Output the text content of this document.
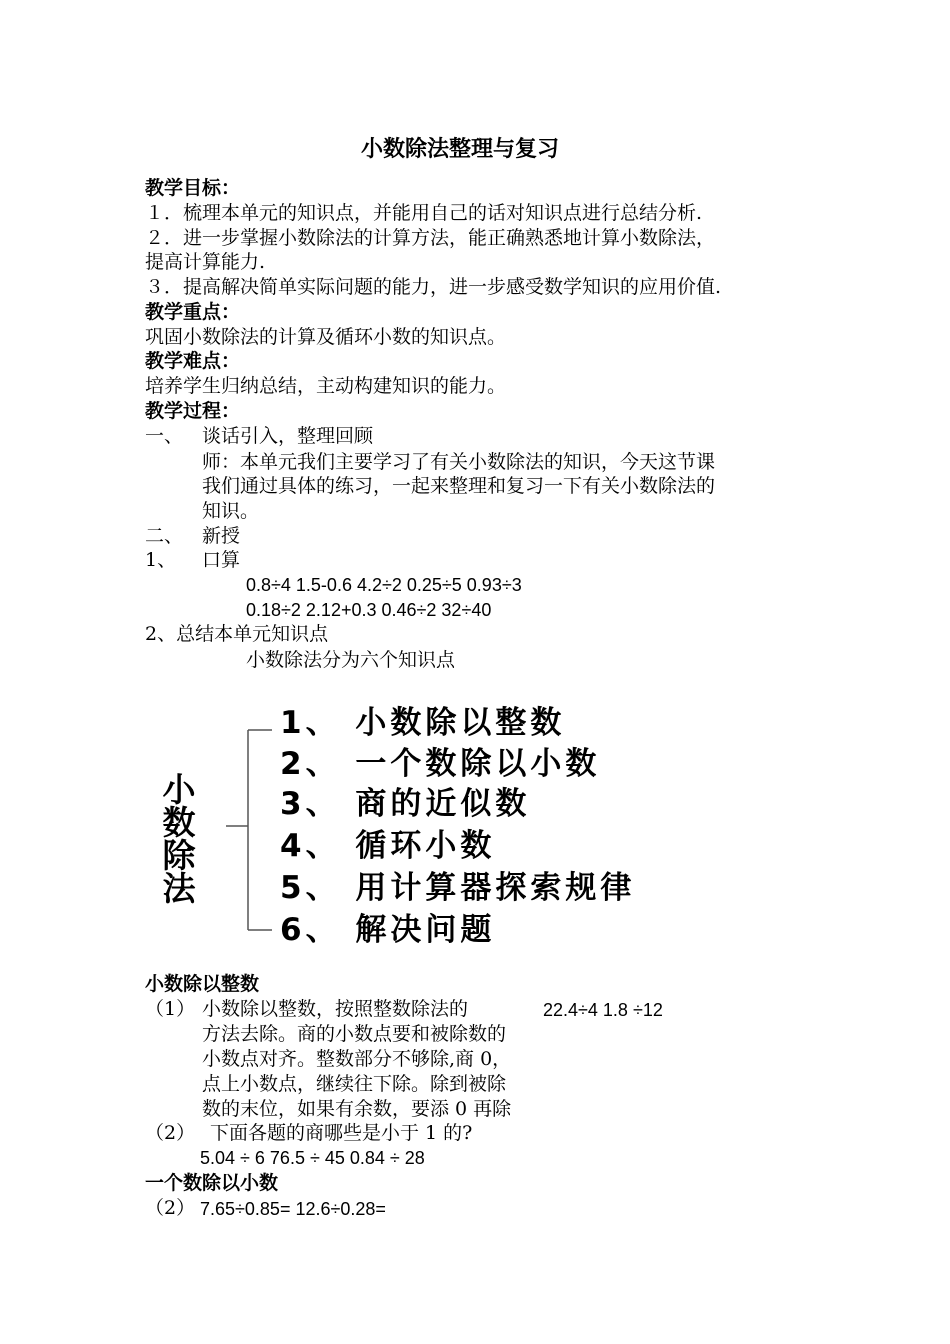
小数除法整理与复习
教学目标：
１．梳理本单元的知识点，并能用自己的话对知识点进行总结分析.
２．进一步掌握小数除法的计算方法，能正确熟悉地计算小数除法，
提高计算能力.
３．提高解决简单实际问题的能力，进一步感受数学知识的应用价值.
教学重点：
巩固小数除法的计算及循环小数的知识点。
教学难点：
培养学生归纳总结，主动构建知识的能力。
教学过程：
一、 谈话引入，整理回顾
师：本单元我们主要学习了有关小数除法的知识，今天这节课
我们通过具体的练习，一起来整理和复习一下有关小数除法的
知识。
二、 新授
1、 口算
0.8÷4 1.5-0.6 4.2÷2 0.25÷5 0.93÷3
0.18÷2 2.12+0.3 0.46÷2 32÷40
2、总结本单元知识点
小数除法分为六个知识点
小
数
除
法
1、 小数除以整数
2、 一个数除以小数
3、 商的近似数
4、 循环小数
5、 用计算器探索规律
6、 解决问题
小数除以整数
（1） 小数除以整数，按照整数除法的	22.4÷4 1.8 ÷12
方法去除。商的小数点要和被除数的
小数点对齐。整数部分不够除,商 0，
点上小数点，继续往下除。除到被除
数的末位，如果有余数，要添 0 再除
（2） 下面各题的商哪些是小于 1 的?
5.04 ÷ 6 76.5 ÷ 45 0.84 ÷ 28
一个数除以小数
（2） 7.65÷0.85= 12.6÷0.28=
